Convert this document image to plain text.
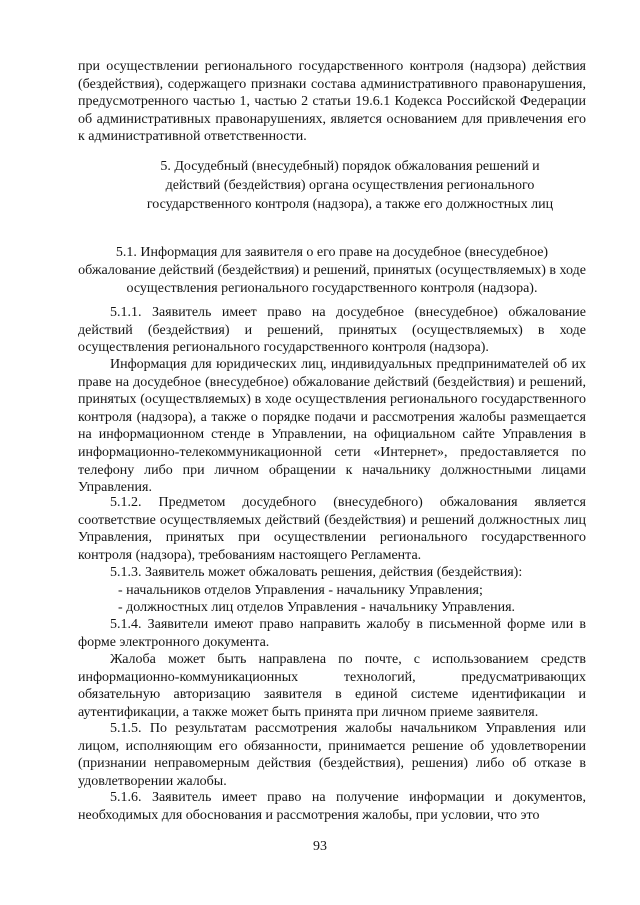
при осуществлении регионального государственного контроля (надзора) действия (бездействия), содержащего признаки состава административного правонарушения, предусмотренного частью 1, частью 2 статьи 19.6.1 Кодекса Российской Федерации об административных правонарушениях, является основанием для привлечения его к административной ответственности.

5. Досудебный (внесудебный) порядок обжалования решений и действий (бездействия) органа осуществления регионального государственного контроля (надзора), а также его должностных лиц

5.1. Информация для заявителя о его праве на досудебное (внесудебное) обжалование действий (бездействия) и решений, принятых (осуществляемых) в ходе осуществления регионального государственного контроля (надзора).

5.1.1. Заявитель имеет право на досудебное (внесудебное) обжалование действий (бездействия) и решений, принятых (осуществляемых) в ходе осуществления регионального государственного контроля (надзора).

Информация для юридических лиц, индивидуальных предпринимателей об их праве на досудебное (внесудебное) обжалование действий (бездействия) и решений, принятых (осуществляемых) в ходе осуществления регионального государственного контроля (надзора), а также о порядке подачи и рассмотрения жалобы размещается на информационном стенде в Управлении, на официальном сайте Управления в информационно-телекоммуникационной сети «Интернет», предоставляется по телефону либо при личном обращении к начальнику должностными лицами Управления.

5.1.2. Предметом досудебного (внесудебного) обжалования является соответствие осуществляемых действий (бездействия) и решений должностных лиц Управления, принятых при осуществлении регионального государственного контроля (надзора), требованиям настоящего Регламента.

5.1.3. Заявитель может обжаловать решения, действия (бездействия):

- начальников отделов Управления - начальнику Управления;

- должностных лиц отделов Управления - начальнику Управления.

5.1.4. Заявители имеют право направить жалобу в письменной форме или в форме электронного документа.

Жалоба может быть направлена по почте, с использованием средств информационно-коммуникационных технологий, предусматривающих обязательную авторизацию заявителя в единой системе идентификации и аутентификации, а также может быть принята при личном приеме заявителя.

5.1.5. По результатам рассмотрения жалобы начальником Управления или лицом, исполняющим его обязанности, принимается решение об удовлетворении (признании неправомерным действия (бездействия), решения) либо об отказе в удовлетворении жалобы.

5.1.6. Заявитель имеет право на получение информации и документов, необходимых для обоснования и рассмотрения жалобы, при условии, что это

93
